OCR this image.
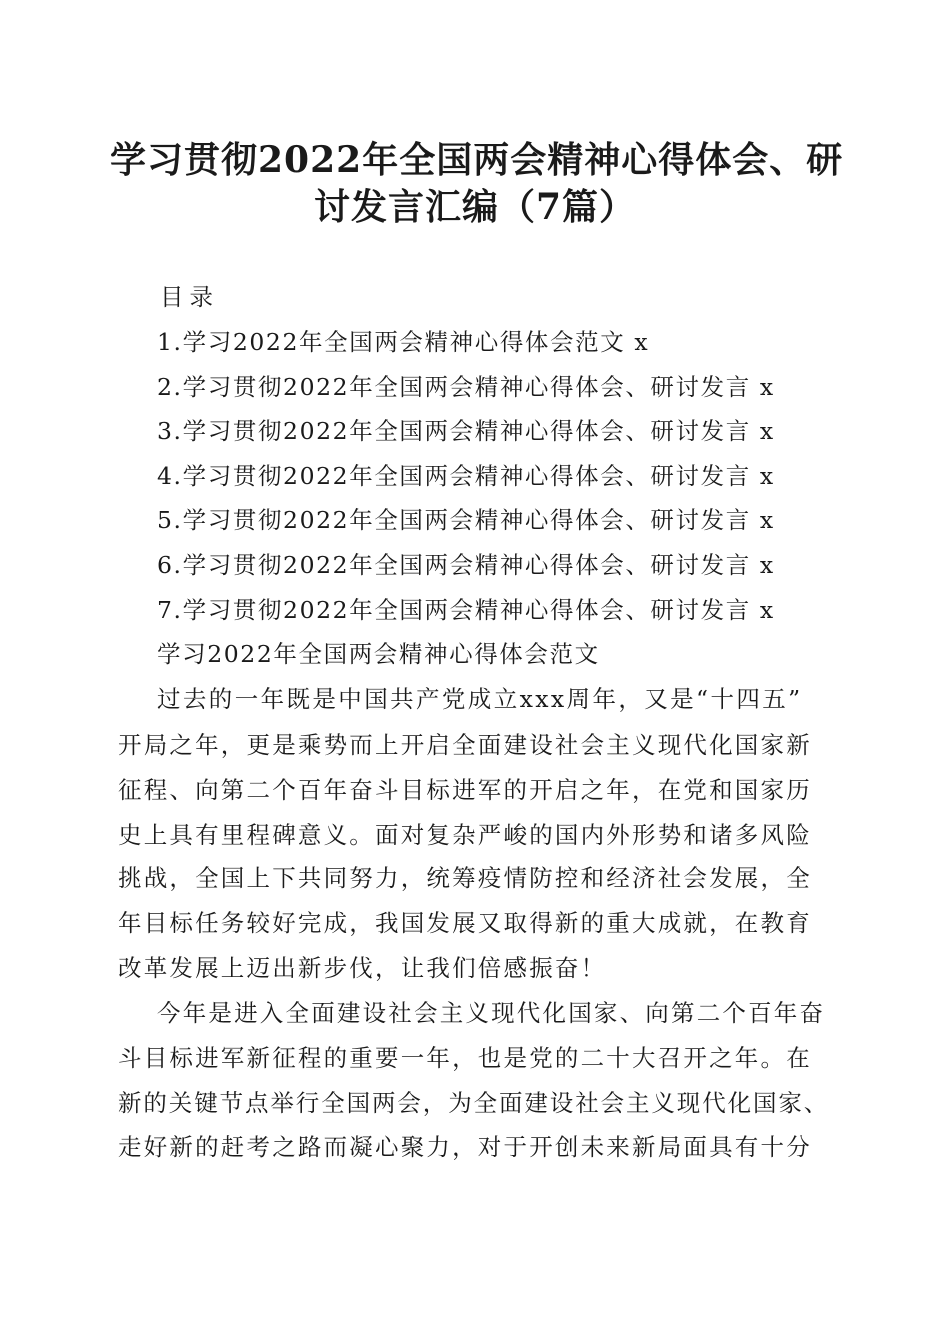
学习贯彻2022年全国两会精神心得体会、研
讨发言汇编（7篇）
目录
1.学习2022年全国两会精神心得体会范文 x
2.学习贯彻2022年全国两会精神心得体会、研讨发言 x
3.学习贯彻2022年全国两会精神心得体会、研讨发言 x
4.学习贯彻2022年全国两会精神心得体会、研讨发言 x
5.学习贯彻2022年全国两会精神心得体会、研讨发言 x
6.学习贯彻2022年全国两会精神心得体会、研讨发言 x
7.学习贯彻2022年全国两会精神心得体会、研讨发言 x
学习2022年全国两会精神心得体会范文
过去的一年既是中国共产党成立xxx周年，又是“十四五”
开局之年，更是乘势而上开启全面建设社会主义现代化国家新
征程、向第二个百年奋斗目标进军的开启之年，在党和国家历
史上具有里程碑意义。面对复杂严峻的国内外形势和诸多风险
挑战，全国上下共同努力，统筹疫情防控和经济社会发展，全
年目标任务较好完成，我国发展又取得新的重大成就，在教育
改革发展上迈出新步伐，让我们倍感振奋！
今年是进入全面建设社会主义现代化国家、向第二个百年奋
斗目标进军新征程的重要一年，也是党的二十大召开之年。在
新的关键节点举行全国两会，为全面建设社会主义现代化国家、
走好新的赶考之路而凝心聚力，对于开创未来新局面具有十分
